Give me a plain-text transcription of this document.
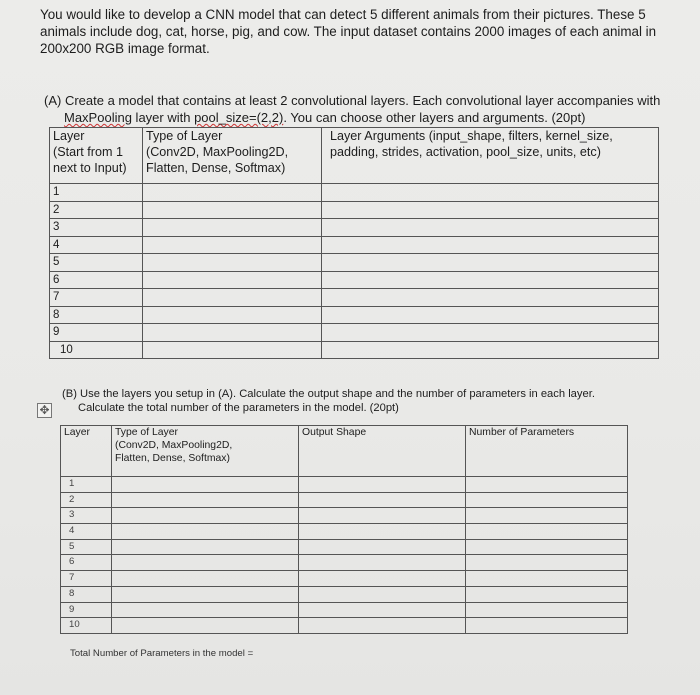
You would like to develop a CNN model that can detect 5 different animals from their pictures. These 5 animals include dog, cat, horse, pig, and cow. The input dataset contains 2000 images of each animal in 200x200 RGB image format.
(A) Create a model that contains at least 2 convolutional layers. Each convolutional layer accompanies with
MaxPooling layer with pool_size=(2,2). You can choose other layers and arguments. (20pt)
Layer
(Start from 1
next to Input)	Type of Layer
(Conv2D, MaxPooling2D,
Flatten, Dense, Softmax)	Layer Arguments (input_shape, filters, kernel_size, padding, strides, activation, pool_size, units, etc)
1		
2		
3		
4		
5		
6		
7		
8		
9		
10		
(B) Use the layers you setup in (A). Calculate the output shape and the number of parameters in each layer.
Calculate the total number of the parameters in the model. (20pt)
✥
Layer	Type of Layer
(Conv2D, MaxPooling2D,
Flatten, Dense, Softmax)	Output Shape	Number of Parameters
1			
2			
3			
4			
5			
6			
7			
8			
9			
10			
Total Number of Parameters in the model =
